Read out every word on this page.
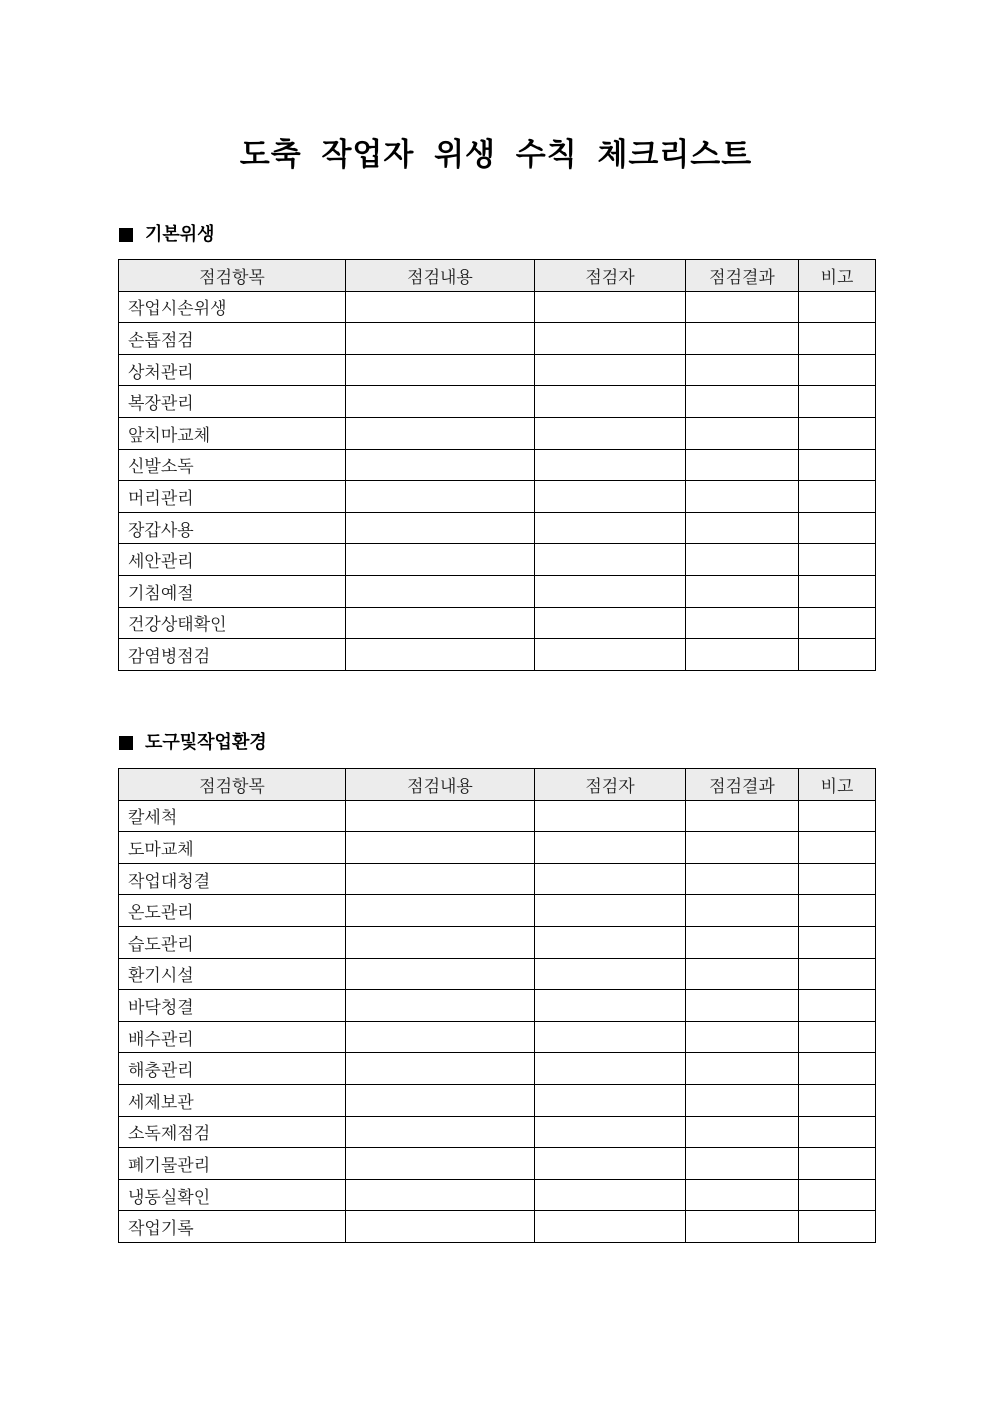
도축 작업자 위생 수칙 체크리스트
기본위생
점검항목	점검내용	점검자	점검결과	비고
작업시손위생				
손톱점검				
상처관리				
복장관리				
앞치마교체				
신발소독				
머리관리				
장갑사용				
세안관리				
기침예절				
건강상태확인				
감염병점검				
도구및작업환경
점검항목	점검내용	점검자	점검결과	비고
칼세척				
도마교체				
작업대청결				
온도관리				
습도관리				
환기시설				
바닥청결				
배수관리				
해충관리				
세제보관				
소독제점검				
폐기물관리				
냉동실확인				
작업기록				
